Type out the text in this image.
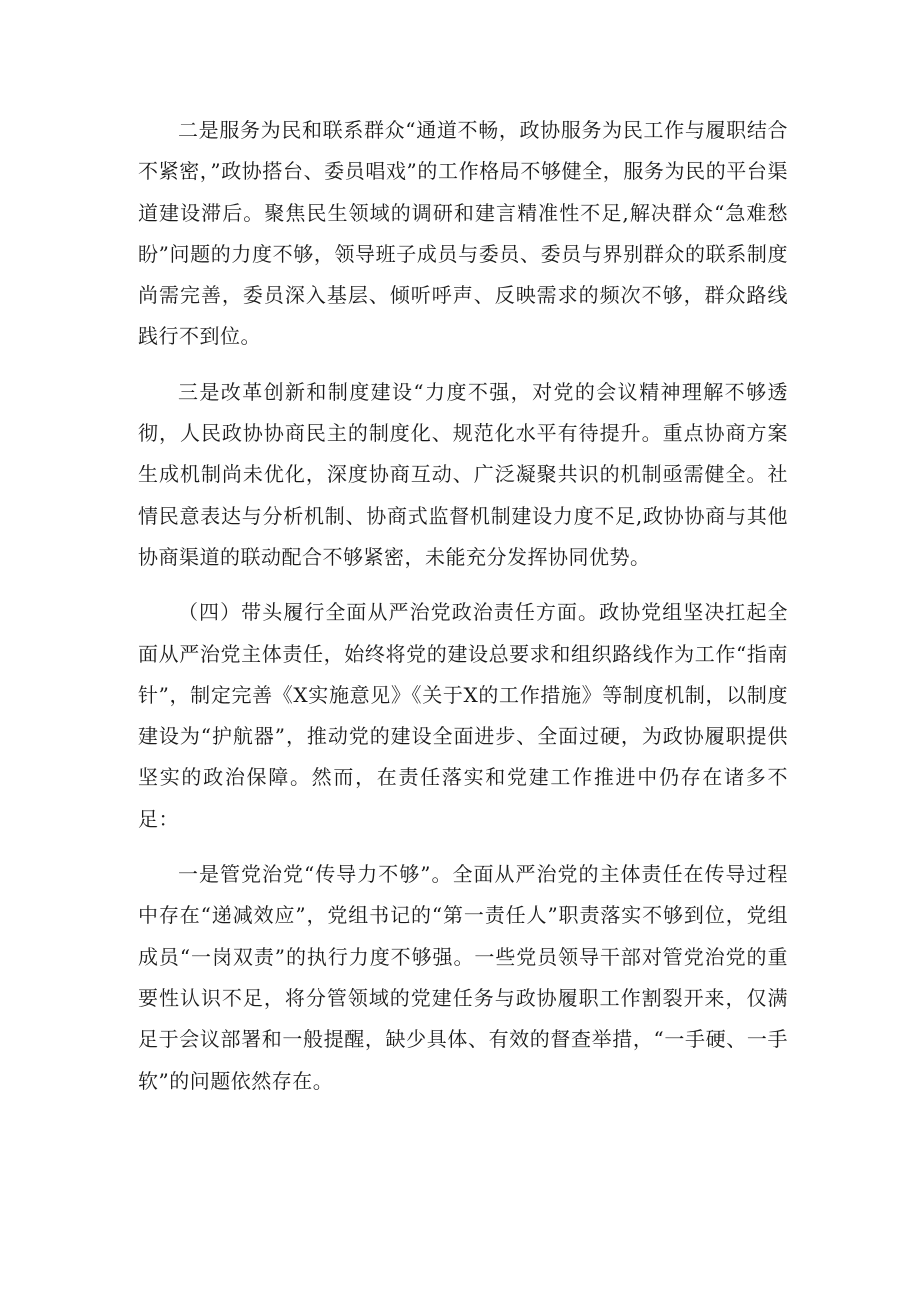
二是服务为民和联系群众“通道不畅，政协服务为民工作与履职结合不紧密，”政协搭台、委员唱戏”的工作格局不够健全，服务为民的平台渠道建设滞后。聚焦民生领域的调研和建言精准性不足,解决群众“急难愁盼”问题的力度不够，领导班子成员与委员、委员与界别群众的联系制度尚需完善，委员深入基层、倾听呼声、反映需求的频次不够，群众路线践行不到位。

三是改革创新和制度建设“力度不强，对党的会议精神理解不够透彻，人民政协协商民主的制度化、规范化水平有待提升。重点协商方案生成机制尚未优化，深度协商互动、广泛凝聚共识的机制亟需健全。社情民意表达与分析机制、协商式监督机制建设力度不足,政协协商与其他协商渠道的联动配合不够紧密，未能充分发挥协同优势。

（四）带头履行全面从严治党政治责任方面。政协党组坚决扛起全面从严治党主体责任，始终将党的建设总要求和组织路线作为工作“指南针”，制定完善《X实施意见》《关于X的工作措施》等制度机制，以制度建设为“护航器”，推动党的建设全面进步、全面过硬，为政协履职提供坚实的政治保障。然而，在责任落实和党建工作推进中仍存在诸多不足：

一是管党治党“传导力不够”。全面从严治党的主体责任在传导过程中存在“递减效应”，党组书记的“第一责任人”职责落实不够到位，党组成员“一岗双责”的执行力度不够强。一些党员领导干部对管党治党的重要性认识不足，将分管领域的党建任务与政协履职工作割裂开来，仅满足于会议部署和一般提醒，缺少具体、有效的督查举措，“一手硬、一手软”的问题依然存在。
